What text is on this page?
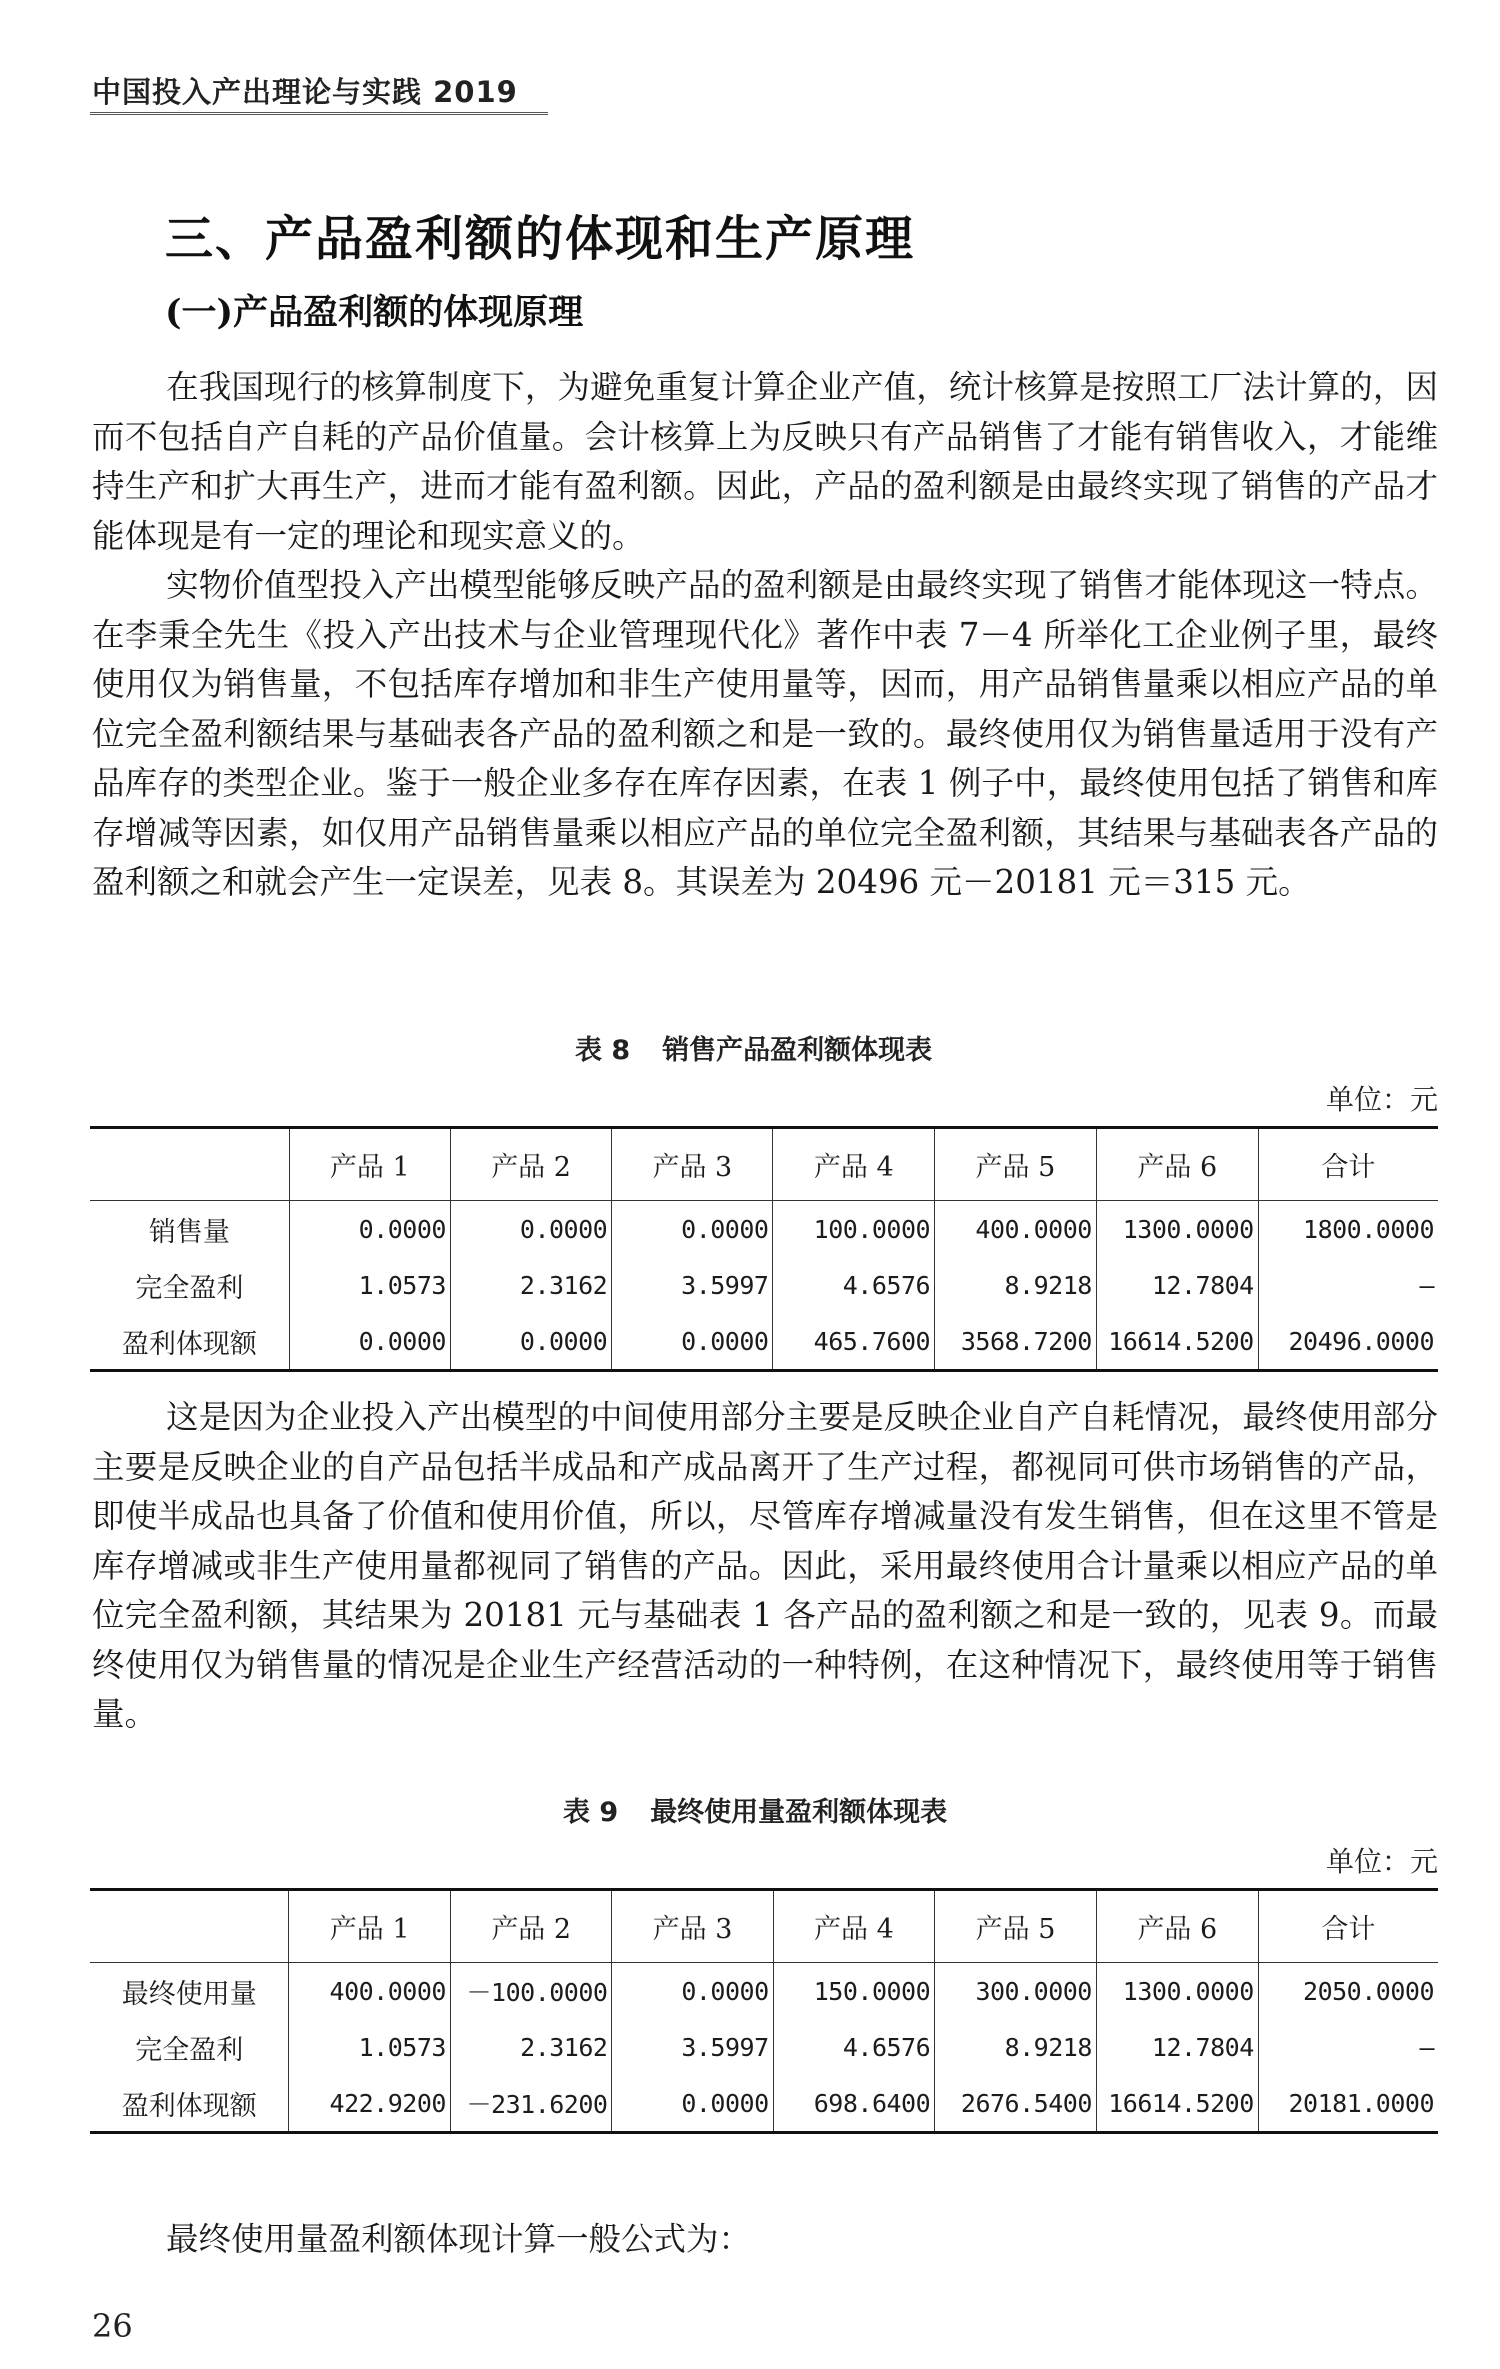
中国投入产出理论与实践 2019
三、产品盈利额的体现和生产原理
(一)产品盈利额的体现原理
在我国现行的核算制度下，为避免重复计算企业产值，统计核算是按照工厂法计算的，因而不包括自产自耗的产品价值量。会计核算上为反映只有产品销售了才能有销售收入，才能维持生产和扩大再生产，进而才能有盈利额。因此，产品的盈利额是由最终实现了销售的产品才能体现是有一定的理论和现实意义的。
实物价值型投入产出模型能够反映产品的盈利额是由最终实现了销售才能体现这一特点。在李秉全先生《投入产出技术与企业管理现代化》著作中表 7－4 所举化工企业例子里，最终使用仅为销售量，不包括库存增加和非生产使用量等，因而，用产品销售量乘以相应产品的单位完全盈利额结果与基础表各产品的盈利额之和是一致的。最终使用仅为销售量适用于没有产品库存的类型企业。鉴于一般企业多存在库存因素，在表 1 例子中，最终使用包括了销售和库存增减等因素，如仅用产品销售量乘以相应产品的单位完全盈利额，其结果与基础表各产品的盈利额之和就会产生一定误差，见表 8。其误差为 20496 元－20181 元＝315 元。
表 8 销售产品盈利额体现表
单位：元
	产品 1	产品 2	产品 3	产品 4	产品 5	产品 6	合计
销售量	0.0000	0.0000	0.0000	100.0000	400.0000	1300.0000	1800.0000
完全盈利	1.0573	2.3162	3.5997	4.6576	8.9218	12.7804	—
盈利体现额	0.0000	0.0000	0.0000	465.7600	3568.7200	16614.5200	20496.0000
这是因为企业投入产出模型的中间使用部分主要是反映企业自产自耗情况，最终使用部分主要是反映企业的自产品包括半成品和产成品离开了生产过程，都视同可供市场销售的产品，即使半成品也具备了价值和使用价值，所以，尽管库存增减量没有发生销售，但在这里不管是库存增减或非生产使用量都视同了销售的产品。因此，采用最终使用合计量乘以相应产品的单位完全盈利额，其结果为 20181 元与基础表 1 各产品的盈利额之和是一致的，见表 9。而最终使用仅为销售量的情况是企业生产经营活动的一种特例，在这种情况下，最终使用等于销售量。
表 9 最终使用量盈利额体现表
单位：元
	产品 1	产品 2	产品 3	产品 4	产品 5	产品 6	合计
最终使用量	400.0000	－100.0000	0.0000	150.0000	300.0000	1300.0000	2050.0000
完全盈利	1.0573	2.3162	3.5997	4.6576	8.9218	12.7804	—
盈利体现额	422.9200	－231.6200	0.0000	698.6400	2676.5400	16614.5200	20181.0000
最终使用量盈利额体现计算一般公式为：
26
